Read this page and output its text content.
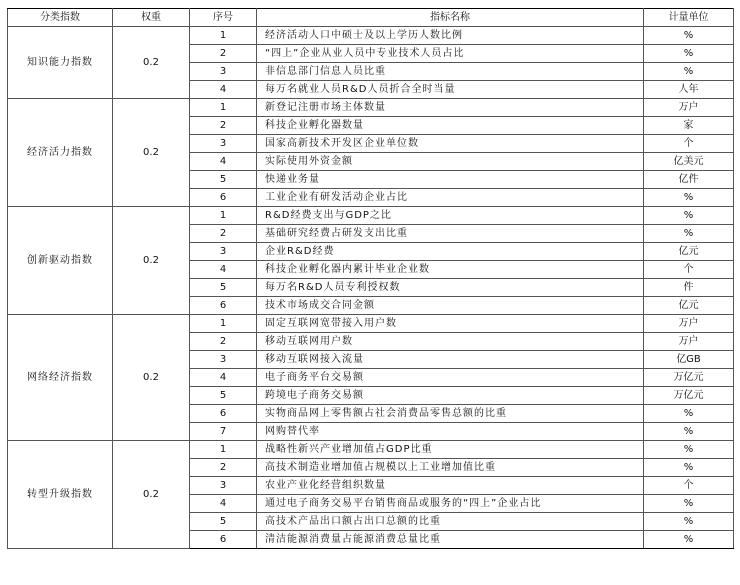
分类指数	权重	序号	指标名称	计量单位
知识能力指数	0.2	1	经济活动人口中硕士及以上学历人数比例	%
		2	“四上”企业从业人员中专业技术人员占比	%
		3	非信息部门信息人员比重	%
		4	每万名就业人员R&D人员折合全时当量	人年
经济活力指数	0.2	1	新登记注册市场主体数量	万户
		2	科技企业孵化器数量	家
		3	国家高新技术开发区企业单位数	个
		4	实际使用外资金额	亿美元
		5	快递业务量	亿件
		6	工业企业有研发活动企业占比	%
创新驱动指数	0.2	1	R&D经费支出与GDP之比	%
		2	基础研究经费占研发支出比重	%
		3	企业R&D经费	亿元
		4	科技企业孵化器内累计毕业企业数	个
		5	每万名R&D人员专利授权数	件
		6	技术市场成交合同金额	亿元
网络经济指数	0.2	1	固定互联网宽带接入用户数	万户
		2	移动互联网用户数	万户
		3	移动互联网接入流量	亿GB
		4	电子商务平台交易额	万亿元
		5	跨境电子商务交易额	万亿元
		6	实物商品网上零售额占社会消费品零售总额的比重	%
		7	网购替代率	%
转型升级指数	0.2	1	战略性新兴产业增加值占GDP比重	%
		2	高技术制造业增加值占规模以上工业增加值比重	%
		3	农业产业化经营组织数量	个
		4	通过电子商务交易平台销售商品或服务的“四上”企业占比	%
		5	高技术产品出口额占出口总额的比重	%
		6	清洁能源消费量占能源消费总量比重	%
